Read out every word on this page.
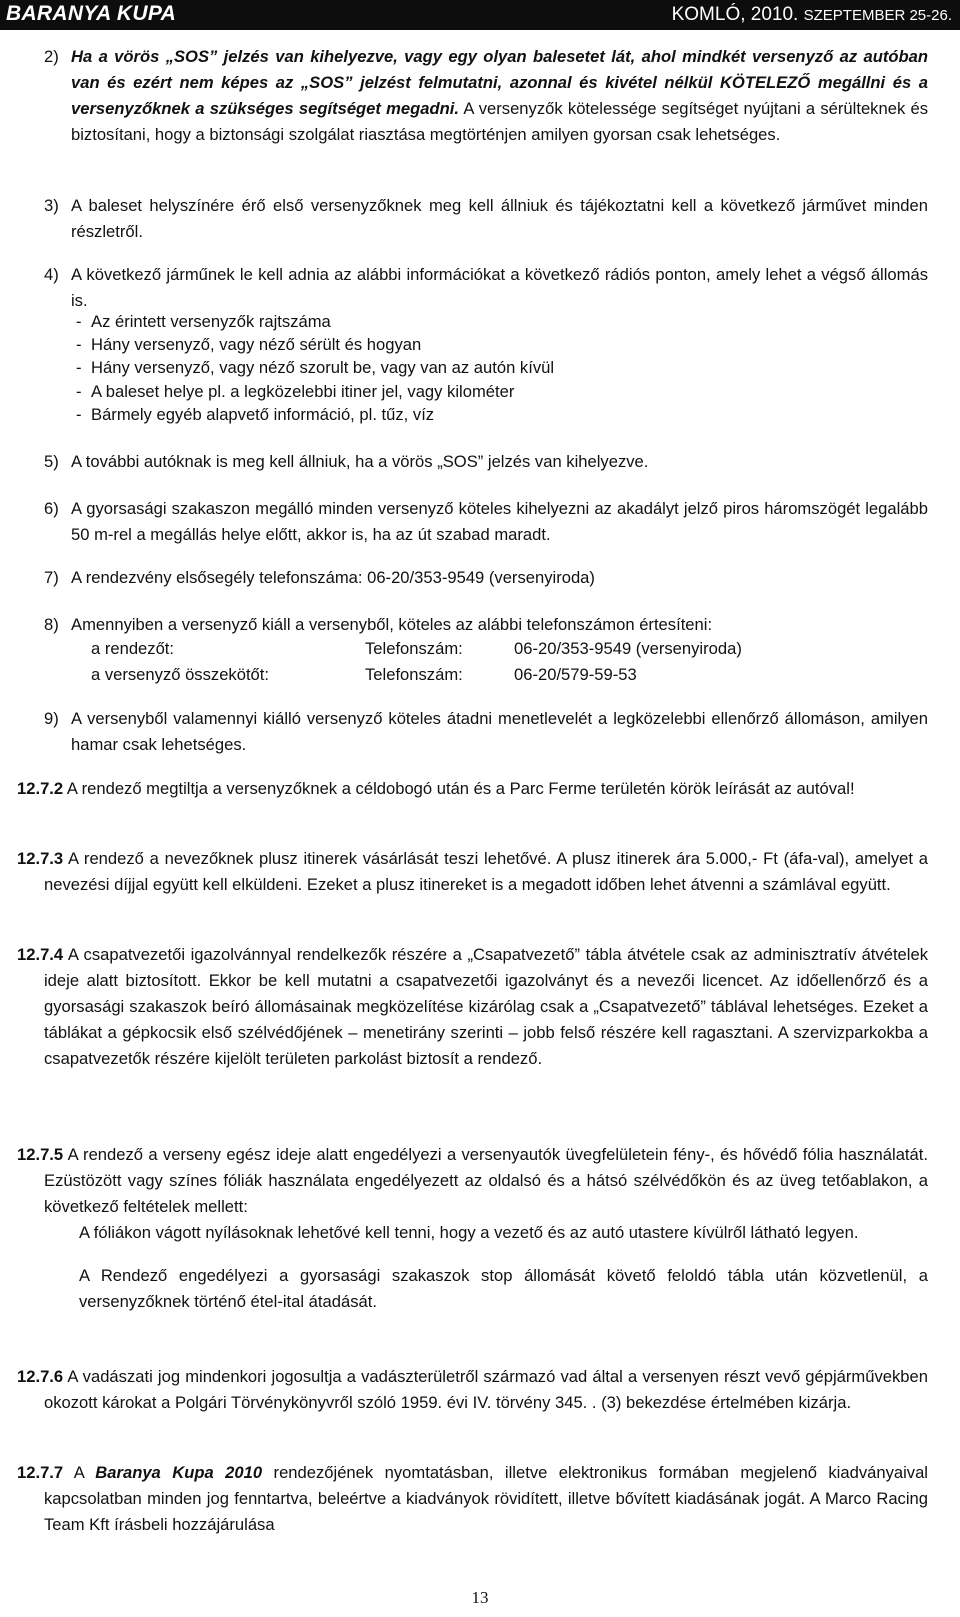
BARANYA KUPA	KOMLÓ, 2010. SZEPTEMBER 25-26.
2) Ha a vörös „SOS” jelzés van kihelyezve, vagy egy olyan balesetet lát, ahol mindkét versenyző az autóban van és ezért nem képes az „SOS” jelzést felmutatni, azonnal és kivétel nélkül KÖTELEZŐ megállni és a versenyzőknek a szükséges segítséget megadni. A versenyzők kötelessége segítséget nyújtani a sérülteknek és biztosítani, hogy a biztonsági szolgálat riasztása megtörténjen amilyen gyorsan csak lehetséges.
3) A baleset helyszínére érő első versenyzőknek meg kell állniuk és tájékoztatni kell a következő járművet minden részletről.
4) A következő járműnek le kell adnia az alábbi információkat a következő rádiós ponton, amely lehet a végső állomás is.
- Az érintett versenyzők rajtszáma
- Hány versenyző, vagy néző sérült és hogyan
- Hány versenyző, vagy néző szorult be, vagy van az autón kívül
- A baleset helye pl. a legközelebbi itiner jel, vagy kilométer
- Bármely egyéb alapvető információ, pl. tűz, víz
5) A további autóknak is meg kell állniuk, ha a vörös „SOS” jelzés van kihelyezve.
6) A gyorsasági szakaszon megálló minden versenyző köteles kihelyezni az akadályt jelző piros háromszögét legalább 50 m-rel a megállás helye előtt, akkor is, ha az út szabad maradt.
7) A rendezvény elsősegély telefonszáma: 06-20/353-9549 (versenyiroda)
8) Amennyiben a versenyző kiáll a versenyből, köteles az alábbi telefonszámon értesíteni:
a rendezőt:	Telefonszám:	06-20/353-9549 (versenyiroda)
a versenyző összekötőt:	Telefonszám:	06-20/579-59-53
9) A versenyből valamennyi kiálló versenyző köteles átadni menetlevelét a legközelebbi ellenőrző állomáson, amilyen hamar csak lehetséges.
12.7.2 A rendező megtiltja a versenyzőknek a céldobogó után és a Parc Ferme területén körök leírását az autóval!
12.7.3 A rendező a nevezőknek plusz itinerek vásárlását teszi lehetővé. A plusz itinerek ára 5.000,- Ft (áfa-val), amelyet a nevezési díjjal együtt kell elküldeni. Ezeket a plusz itinereket is a megadott időben lehet átvenni a számlával együtt.
12.7.4 A csapatvezetői igazolvánnyal rendelkezők részére a „Csapatvezető” tábla átvétele csak az adminisztratív átvételek ideje alatt biztosított. Ekkor be kell mutatni a csapatvezetői igazolványt és a nevezői licencet. Az időellenőrző és a gyorsasági szakaszok beíró állomásainak megközelítése kizárólag csak a „Csapatvezető” táblával lehetséges. Ezeket a táblákat a gépkocsik első szélvédőjének – menetirány szerinti – jobb felső részére kell ragasztani. A szervizparkokba a csapatvezetők részére kijelölt területen parkolást biztosít a rendező.
12.7.5 A rendező a verseny egész ideje alatt engedélyezi a versenyautók üvegfelületein fény-, és hővédő fólia használatát. Ezüstözött vagy színes fóliák használata engedélyezett az oldalsó és a hátsó szélvédőkön és az üveg tetőablakon, a következő feltételek mellett:
A fóliákon vágott nyílásoknak lehetővé kell tenni, hogy a vezető és az autó utastere kívülről látható legyen.
A Rendező engedélyezi a gyorsasági szakaszok stop állomását követő feloldó tábla után közvetlenül, a versenyzőknek történő étel-ital átadását.
12.7.6 A vadászati jog mindenkori jogosultja a vadászterületről származó vad által a versenyen részt vevő gépjárművekben okozott károkat a Polgári Törvénykönyvről szóló 1959. évi IV. törvény 345. . (3) bekezdése értelmében kizárja.
12.7.7 A Baranya Kupa 2010 rendezőjének nyomtatásban, illetve elektronikus formában megjelenő kiadványaival kapcsolatban minden jog fenntartva, beleértve a kiadványok rövidített, illetve bővített kiadásának jogát. A Marco Racing Team Kft írásbeli hozzájárulása
13
